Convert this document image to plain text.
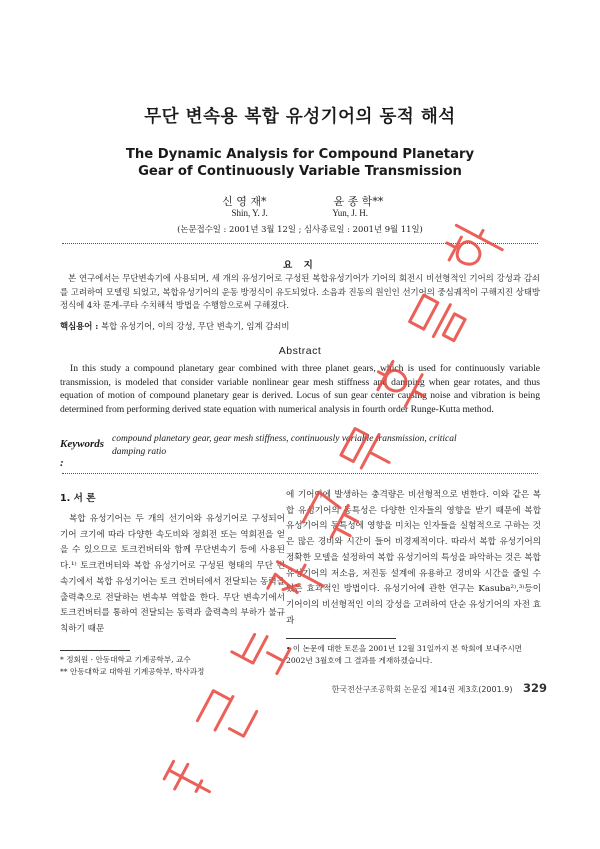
무단 변속용 복합 유성기어의 동적 해석
The Dynamic Analysis for Compound Planetary
Gear of Continuously Variable Transmission
신 영 재*	윤 종 학**
Shin, Y. J.	Yun, J. H.
(논문접수일 : 2001년 3월 12일 ; 심사종료일 : 2001년 9월 11일)
요 지
본 연구에서는 무단변속기에 사용되며, 세 개의 유성기어로 구성된 복합유성기어가 기어의 회전시 비선형적인 기어의 강성과 감쇠를 고려하여 모델링 되었고, 복합유성기어의 운동 방정식이 유도되었다. 소음과 진동의 원인인 선기어의 중심궤적이 구해지진 상태방정식에 4차 룬게-쿠타 수치해석 방법을 수행함으로써 구해졌다.
핵심용어 : 복합 유성기어, 이의 강성, 무단 변속기, 임계 감쇠비
Abstract
In this study a compound planetary gear combined with three planet gears, which is used for continuously variable transmission, is modeled that consider variable nonlinear gear mesh stiffness and damping when gear rotates, and thus equation of motion of compound planetary gear is derived. Locus of sun gear center causing noise and vibration is being determined from performing derived state equation with numerical analysis in fourth order Runge-Kutta method.
Keywords :
compound planetary gear, gear mesh stiffness, continuously variable transmission, critical damping ratio
1. 서 론
복합 유성기어는 두 개의 선기어와 유성기어로 구성되어 기어 크기에 따라 다양한 속도비와 정회전 또는 역회전을 얻을 수 있으므로 토크컨버터와 함께 무단변속기 등에 사용된다.¹⁾ 토크컨버터와 복합 유성기어로 구성된 형태의 무단 변속기에서 복합 유성기어는 토크 컨버터에서 전달되는 동력을 출력축으로 전달하는 변속부 역할을 한다. 무단 변속기에서 토크컨버터를 통하여 전달되는 동력과 출력측의 부하가 불규칙하기 때문
에 기어이에 발생하는 충격량은 비선형적으로 변한다. 이와 같은 복합 유성기어의 동특성은 다양한 인자들의 영향을 받기 때문에 복합 유성기어의 동특성에 영향을 미치는 인자들을 실험적으로 구하는 것은 많은 경비와 시간이 들어 비경제적이다. 따라서 복합 유성기어의 정확한 모델을 설정하여 복합 유성기어의 특성을 파악하는 것은 복합 유성기어의 저소음, 저진동 설계에 유용하고 경비와 시간을 줄일 수 있는 효과적인 방법이다. 유성기어에 관한 연구는 Kasuba²⁾,³⁾등이 기어이의 비선형적인 이의 강성을 고려하여 단순 유성기어의 자전 효과
* 정회원 · 안동대학교 기계공학부, 교수
** 안동대학교 대학원 기계공학부, 박사과정
• 이 논문에 대한 토론을 2001년 12월 31일까지 본 학회에 보내주시면 2002년 3월호에 그 결과를 게재하겠습니다.
한국전산구조공학회 논문집 제14권 제3호(2001.9) 329
